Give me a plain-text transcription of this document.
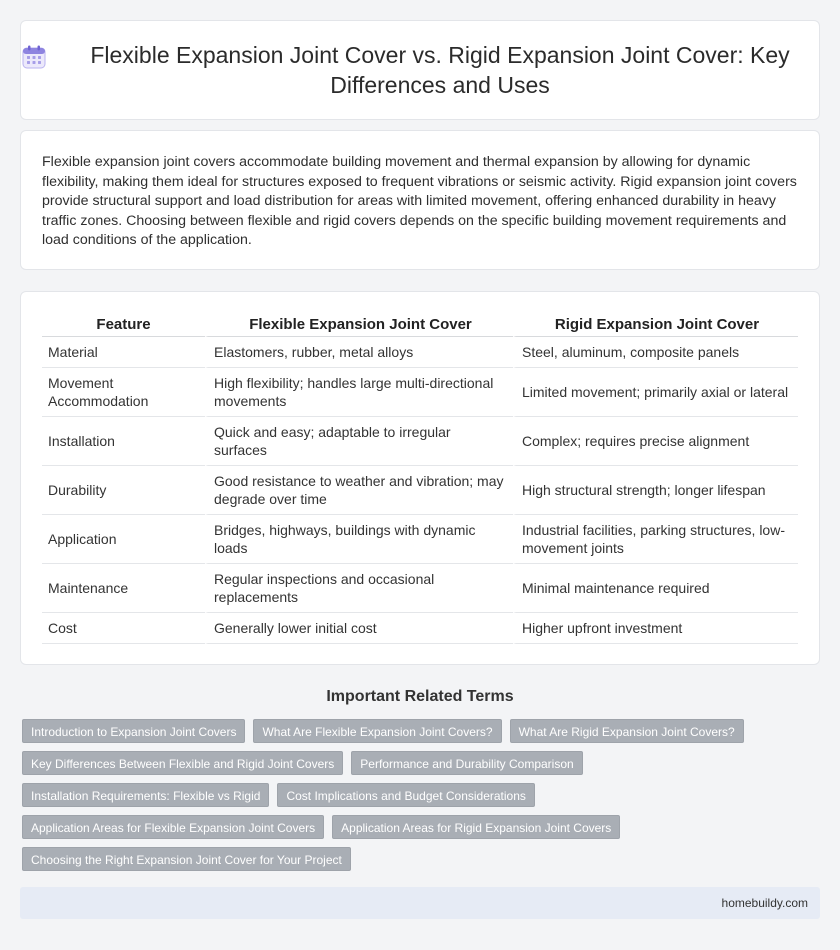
Flexible Expansion Joint Cover vs. Rigid Expansion Joint Cover: Key Differences and Uses

Flexible expansion joint covers accommodate building movement and thermal expansion by allowing for dynamic flexibility, making them ideal for structures exposed to frequent vibrations or seismic activity. Rigid expansion joint covers provide structural support and load distribution for areas with limited movement, offering enhanced durability in heavy traffic zones. Choosing between flexible and rigid covers depends on the specific building movement requirements and load conditions of the application.

Feature	Flexible Expansion Joint Cover	Rigid Expansion Joint Cover
Material	Elastomers, rubber, metal alloys	Steel, aluminum, composite panels
Movement Accommodation	High flexibility; handles large multi-directional movements	Limited movement; primarily axial or lateral
Installation	Quick and easy; adaptable to irregular surfaces	Complex; requires precise alignment
Durability	Good resistance to weather and vibration; may degrade over time	High structural strength; longer lifespan
Application	Bridges, highways, buildings with dynamic loads	Industrial facilities, parking structures, low-movement joints
Maintenance	Regular inspections and occasional replacements	Minimal maintenance required
Cost	Generally lower initial cost	Higher upfront investment
Important Related Terms
Introduction to Expansion Joint Covers	What Are Flexible Expansion Joint Covers?	What Are Rigid Expansion Joint Covers?
Key Differences Between Flexible and Rigid Joint Covers	Performance and Durability Comparison
Installation Requirements: Flexible vs Rigid	Cost Implications and Budget Considerations
Application Areas for Flexible Expansion Joint Covers	Application Areas for Rigid Expansion Joint Covers
Choosing the Right Expansion Joint Cover for Your Project
homebuildy.com
